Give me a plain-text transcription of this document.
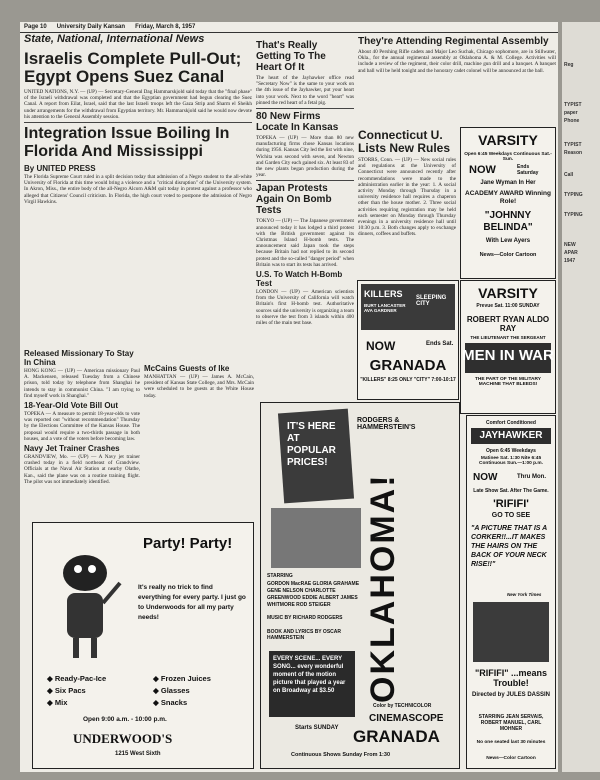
Page 10 University Daily Kansan Friday, March 8, 1957
State, National, International News
Israelis Complete Pull-Out; Egypt Opens Suez Canal
UNITED NATIONS, N.Y. — (UP) — Secretary-General Dag Hammarskjold said today that the "final phase" of the Israeli withdrawal was completed and that the Egyptian government had begun clearing the Suez Canal. A report from Eilat, Israel, said that the last Israeli troops left the Gaza Strip and Sharm el Sheikh under arrangements for the withdrawal from Egyptian territory. Mr. Hammarskjold said he would now devote his attention to the General Assembly session.
Integration Issue Boiling In Florida And Mississippi
By UNITED PRESS
The Florida Supreme Court ruled in a split decision today that admission of a Negro student to the all-white University of Florida at this time would bring a violence and a "critical disruption" of the University system. In Akron, Miss., the entire body of the all-Negro Alcorn A&M quit today in protest against a professor who alleged that Citizens' Council criticism. In Florida, the high court voted to postpone the admission of Negro Virgil Hawkins.
That's Really Getting To The Heart Of It
The heart of the Jayhawker office read "Secretary Now" is the same to your work on the 4th issue of the Jayhawker, put your heart into your work. Next to the word "heart" was pinned the red heart of a fetal pig.
80 New Firms Locate In Kansas
TOPEKA — (UP) — More than 80 new manufacturing firms chose Kansas locations during 1956. Kansas City led the list with nine, Wichita was second with seven, and Newton and Garden City each gained six. At least 83 of the new plants began production during the year.
Japan Protests Again On Bomb Tests
TOKYO — (UP) — The Japanese government announced today it has lodged a third protest with the British government against its Christmas Island H-bomb tests. The announcement said Japan took the steps because Britain had not replied to its second protest and the so-called "danger period" when Britain was to start its tests has arrived.
U.S. To Watch H-Bomb Test
LONDON — (UP) — American scientists from the University of California will watch Britain's first H-bomb test. Authoritative sources said the university is organizing a team to observe the test from 3 islands within 400 miles of the main test base.
They're Attending Regimental Assembly
About 40 Pershing Rifle cadets and Major Leo Suchak, Chicago sophomore, are in Stillwater, Okla., for the annual regimental assembly at Oklahoma A. & M. College. Activities will include a review of the regiment, their color drill, machine gun drill and a banquet. A banquet and ball will be held tonight and the honorary cadet colonel will be announced at the ball.
Connecticut U. Lists New Rules
STORRS, Conn. — (UP) — New social rules and regulations at the University of Connecticut were announced recently after recommendations were made to the administration earlier in the year: 1. A social activity Monday through Thursday in a university residence hall requires a chaperon other than the house mother. 2. Three social activities requiring registration may be held each semester on Monday through Thursday evenings in a university residence hall until 10:30 p.m. 3. Both changes apply to exchange dinners, coffees and buffets.
Released Missionary To Stay In China
HONG KONG — (UP) — American missionary Paul A. Mackensen, released Tuesday from a Chinese prison, told today by telephone from Shanghai he intends to stay in communist China. "I am trying to find myself work in Shanghai."
18-Year-Old Vote Bill Out
TOPEKA — A measure to permit 18-year-olds to vote was reported out "without recommendation" Thursday by the Elections Committee of the Kansas House. The proposal would require a two-thirds passage in both houses, and a vote of the voters before becoming law.
Navy Jet Trainer Crashes
GRANDVIEW, Mo. — (UP) — A Navy jet trainer crashed today in a field northeast of Grandview. Officials at the Naval Air Station at nearby Olathe, Kan., said the plane was on a routine training flight. The pilot was not immediately identified.
McCains Guests of Ike
MANHATTAN — (UP) — James A. McCain, president of Kansas State College, and Mrs. McCain were scheduled to be guests at the White House today.
Party! Party!
It's really no trick to find everything for every party. I just go to Underwoods for all my party needs!
◆ Ready-Pac-Ice
◆ Six Pacs
◆ Mix
◆ Frozen Juices
◆ Glasses
◆ Snacks
Open 9:00 a.m. - 10:00 p.m.
UNDERWOOD'S
1215 West Sixth
VARSITY
Open 6:45 Weekdays Continuous Sat.-Sun.
NOW	Ends Saturday
Jane Wyman In Her
ACADEMY AWARD Winning Role!
"JOHNNY BELINDA"
With Lew Ayers
News—Color Cartoon
KILLERS
BURT LANCASTER AVA GARDNER
SLEEPING CITY
NOW	Ends Sat.
GRANADA
"KILLERS" 8:25 ONLY "CITY" 7:00-10:17
VARSITY
Prevue Sat. 11:00 SUNDAY
ROBERT RYAN ALDO RAY
THE LIEUTENANT THE SERGEANT
MEN IN WAR
THE PART OF THE MILITARY MACHINE THAT BLEEDS!
IT'S HERE AT POPULAR PRICES!
RODGERS & HAMMERSTEIN'S
OKLAHOMA!
STARRING
GORDON MacRAE GLORIA GRAHAME GENE NELSON CHARLOTTE GREENWOOD EDDIE ALBERT JAMES WHITMORE ROD STEIGER
MUSIC BY RICHARD RODGERS
BOOK AND LYRICS BY OSCAR HAMMERSTEIN
EVERY SCENE... EVERY SONG... every wonderful moment of the motion picture that played a year on Broadway at $3.50
Color by TECHNICOLOR
CINEMASCOPE
Starts SUNDAY GRANADA
Continuous Shows Sunday From 1:30
Comfort Conditioned
JAYHAWKER
Open 6:45 Weekdays
Matinee Sat. 1:30 Nite 6:45 Continuous Sun.—1:00 p.m.
NOW	Thru Mon.
Late Show Sat. After The Game.
'RIFIFI'
GO TO SEE
"A PICTURE THAT IS A CORKER!!...IT MAKES THE HAIRS ON THE BACK OF YOUR NECK RISE!!"
New York Times
"RIFIFI" ...means Trouble!
Directed by JULES DASSIN
STARRING JEAN SERVAIS, ROBERT MANUEL, CARL MOHNER
No one seated last 30 minutes
News—Color Cartoon
Reg
TYPIST
paper
Phone
TYPIST
Reason
Call
TYPING
TYPING
NEW
APAR
1947
